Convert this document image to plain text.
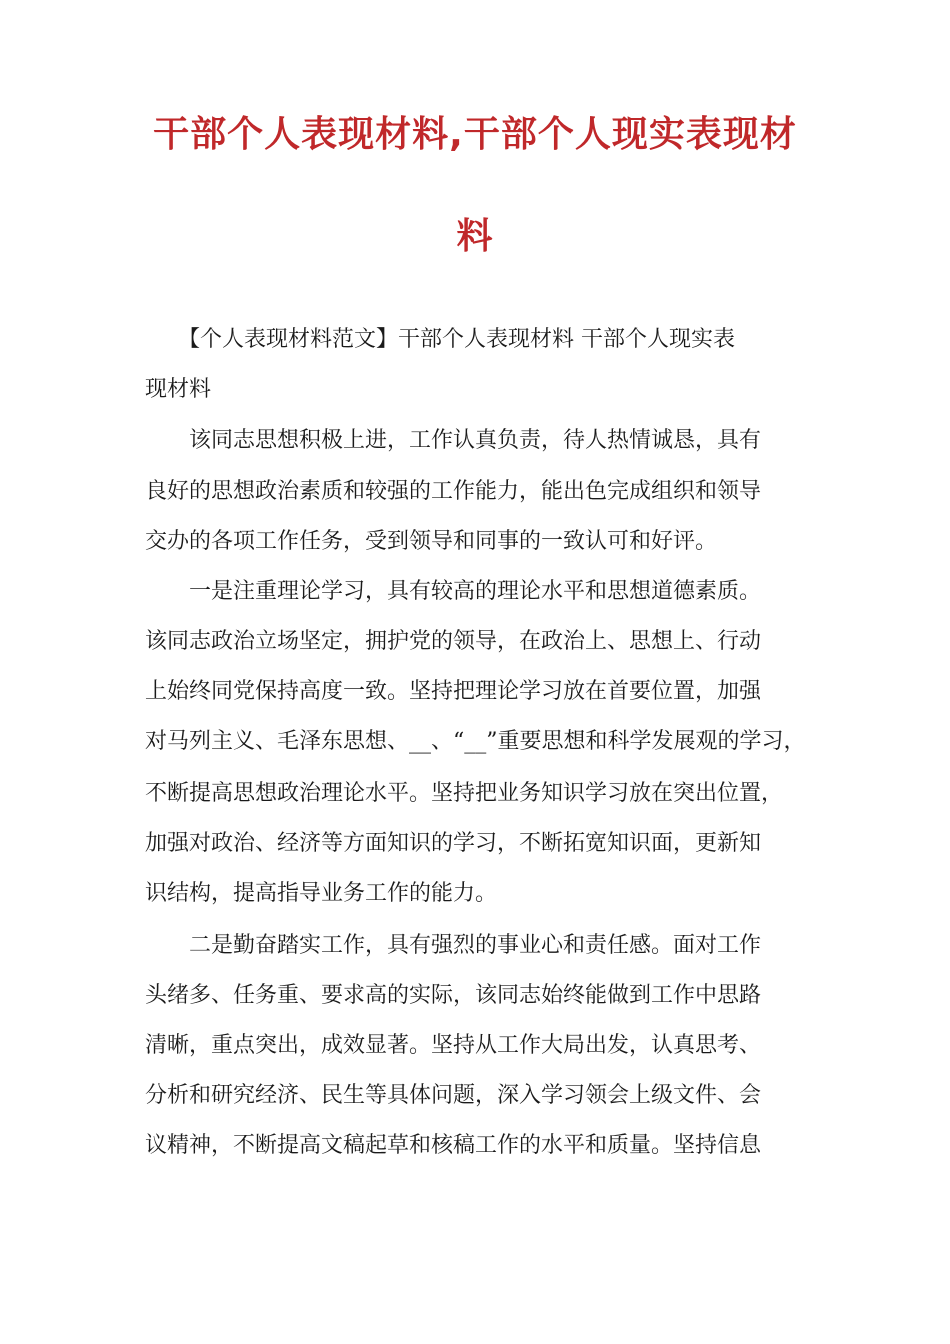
干部个人表现材料,干部个人现实表现材
料
　　【个人表现材料范文】干部个人表现材料 干部个人现实表
现材料
　　该同志思想积极上进，工作认真负责，待人热情诚恳，具有
良好的思想政治素质和较强的工作能力，能出色完成组织和领导
交办的各项工作任务，受到领导和同事的一致认可和好评。
　　一是注重理论学习，具有较高的理论水平和思想道德素质。
该同志政治立场坚定，拥护党的领导，在政治上、思想上、行动
上始终同党保持高度一致。坚持把理论学习放在首要位置，加强
对马列主义、毛泽东思想、__、“__”重要思想和科学发展观的学习，
不断提高思想政治理论水平。坚持把业务知识学习放在突出位置，
加强对政治、经济等方面知识的学习，不断拓宽知识面，更新知
识结构，提高指导业务工作的能力。
　　二是勤奋踏实工作，具有强烈的事业心和责任感。面对工作
头绪多、任务重、要求高的实际，该同志始终能做到工作中思路
清晰，重点突出，成效显著。坚持从工作大局出发，认真思考、
分析和研究经济、民生等具体问题，深入学习领会上级文件、会
议精神，不断提高文稿起草和核稿工作的水平和质量。坚持信息
